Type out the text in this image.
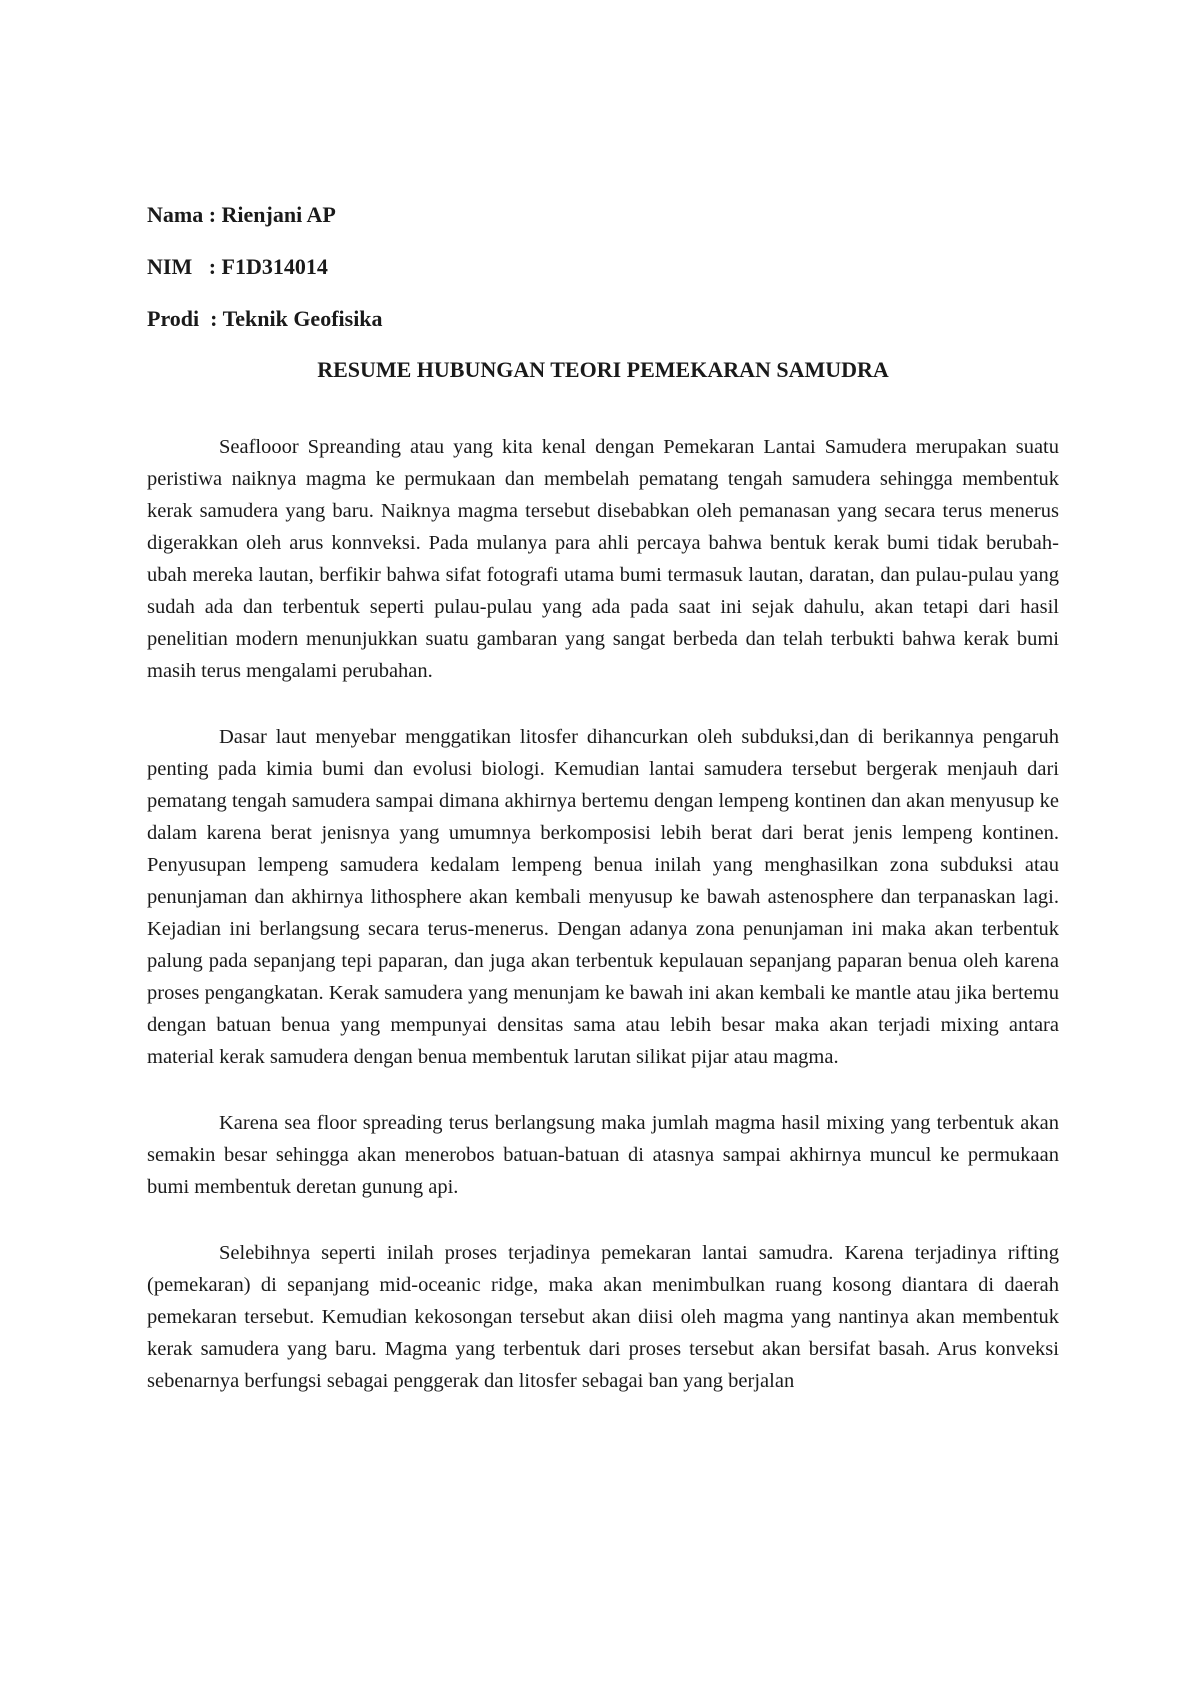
Nama : Rienjani AP
NIM   : F1D314014
Prodi  : Teknik Geofisika
RESUME HUBUNGAN TEORI PEMEKARAN SAMUDRA

Seaflooor Spreanding atau yang kita kenal dengan Pemekaran Lantai Samudera merupakan suatu peristiwa naiknya magma ke permukaan dan membelah pematang tengah samudera sehingga membentuk kerak samudera yang baru. Naiknya magma tersebut disebabkan oleh pemanasan yang secara terus menerus digerakkan oleh arus konnveksi. Pada mulanya para ahli percaya bahwa bentuk kerak bumi tidak berubah-ubah mereka lautan, berfikir bahwa sifat fotografi utama bumi termasuk lautan, daratan, dan pulau-pulau yang sudah ada dan terbentuk seperti pulau-pulau yang ada pada saat ini sejak dahulu, akan tetapi dari hasil penelitian modern menunjukkan suatu gambaran yang sangat berbeda dan telah terbukti bahwa kerak bumi masih terus mengalami perubahan.

Dasar laut menyebar menggatikan litosfer dihancurkan oleh subduksi,dan di berikannya pengaruh penting pada kimia bumi dan evolusi biologi. Kemudian lantai samudera tersebut bergerak menjauh dari pematang tengah samudera sampai dimana akhirnya bertemu dengan lempeng kontinen dan akan menyusup ke dalam karena berat jenisnya yang umumnya berkomposisi lebih berat dari berat jenis lempeng kontinen. Penyusupan lempeng samudera kedalam lempeng benua inilah yang menghasilkan zona subduksi atau penunjaman dan akhirnya lithosphere akan kembali menyusup ke bawah astenosphere dan terpanaskan lagi. Kejadian ini berlangsung secara terus-menerus. Dengan adanya zona penunjaman ini maka akan terbentuk palung pada sepanjang tepi paparan, dan juga akan terbentuk kepulauan sepanjang paparan benua oleh karena proses pengangkatan. Kerak samudera yang menunjam ke bawah ini akan kembali ke mantle atau jika bertemu dengan batuan benua yang mempunyai densitas sama atau lebih besar maka akan terjadi mixing antara material kerak samudera dengan benua membentuk larutan silikat pijar atau magma.

Karena sea floor spreading terus berlangsung maka jumlah magma hasil mixing yang terbentuk akan semakin besar sehingga akan menerobos batuan-batuan di atasnya sampai akhirnya muncul ke permukaan bumi membentuk deretan gunung api.

Selebihnya seperti inilah proses terjadinya pemekaran lantai samudra. Karena terjadinya rifting (pemekaran) di sepanjang mid-oceanic ridge, maka akan menimbulkan ruang kosong diantara di daerah pemekaran tersebut. Kemudian kekosongan tersebut akan diisi oleh magma yang nantinya akan membentuk kerak samudera yang baru. Magma yang terbentuk dari proses tersebut akan bersifat basah. Arus konveksi sebenarnya berfungsi sebagai penggerak dan litosfer sebagai ban yang berjalan
